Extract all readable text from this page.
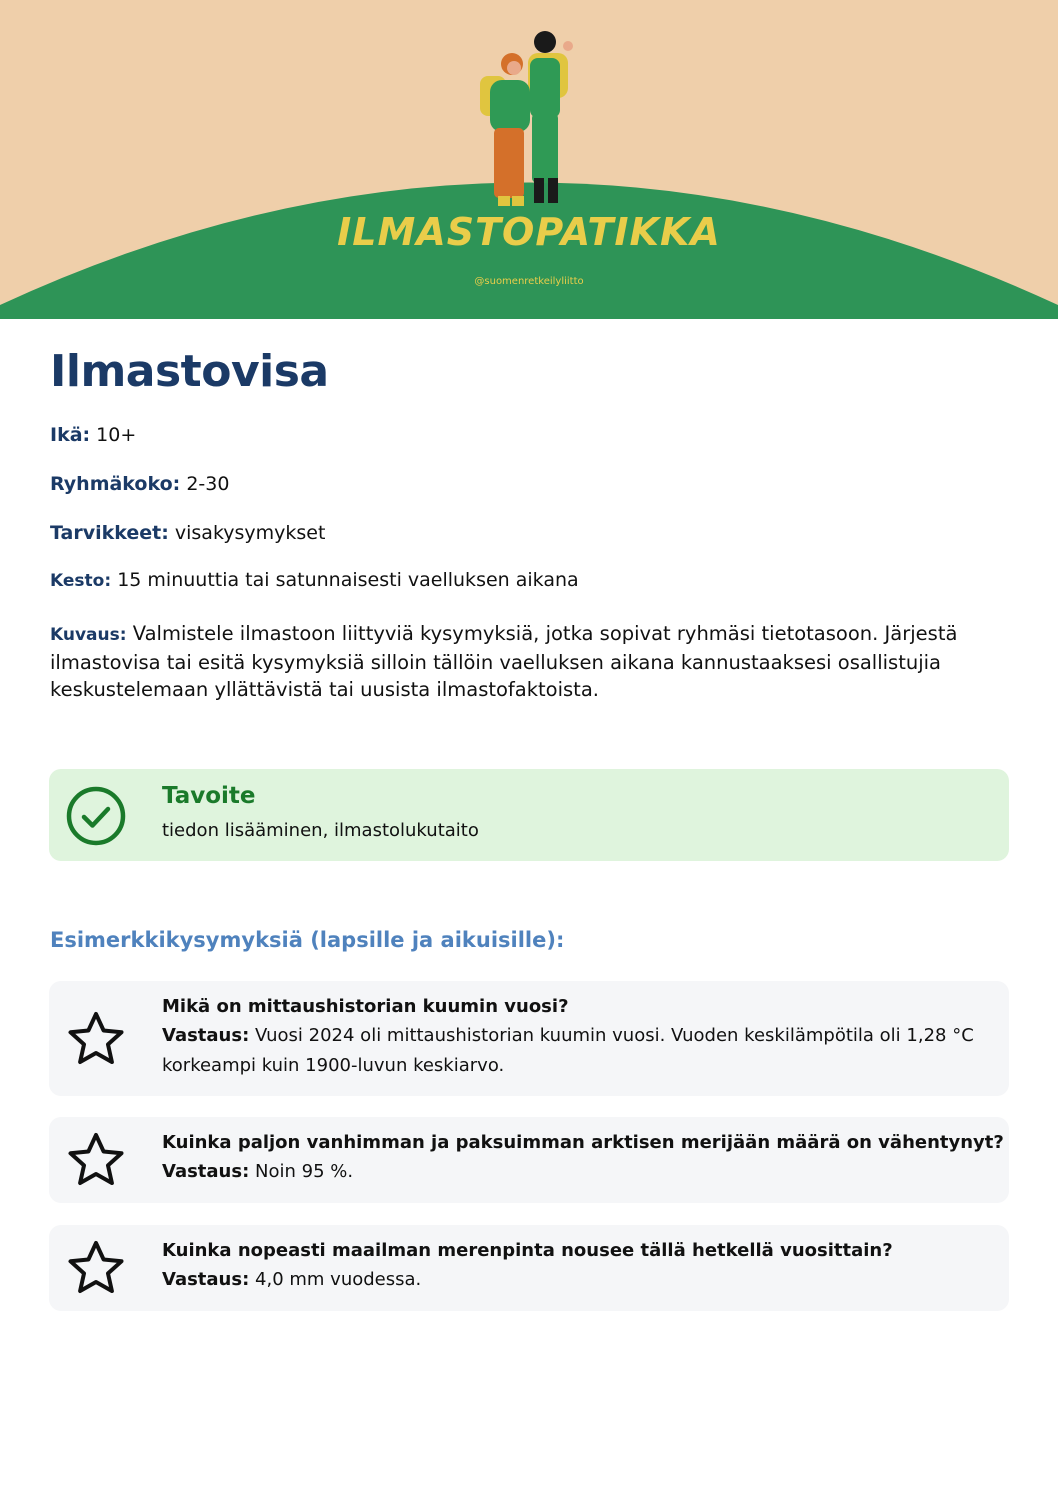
ILMASTOPATIKKA
@suomenretkeilyliitto
Ilmastovisa
Ikä: 10+
Ryhmäkoko: 2-30
Tarvikkeet: visakysymykset
Kesto: 15 minuuttia tai satunnaisesti vaelluksen aikana
Kuvaus: Valmistele ilmastoon liittyviä kysymyksiä, jotka sopivat ryhmäsi tietotasoon. Järjestä ilmastovisa tai esitä kysymyksiä silloin tällöin vaelluksen aikana kannustaaksesi osallistujia keskustelemaan yllättävistä tai uusista ilmastofaktoista.
Tavoite
tiedon lisääminen, ilmastolukutaito
Esimerkkikysymyksiä (lapsille ja aikuisille):
Mikä on mittaushistorian kuumin vuosi?
Vastaus: Vuosi 2024 oli mittaushistorian kuumin vuosi. Vuoden keskilämpötila oli 1,28 °C korkeampi kuin 1900-luvun keskiarvo.
Kuinka paljon vanhimman ja paksuimman arktisen merijään määrä on vähentynyt?
Vastaus: Noin 95 %.
Kuinka nopeasti maailman merenpinta nousee tällä hetkellä vuosittain?
Vastaus: 4,0 mm vuodessa.
